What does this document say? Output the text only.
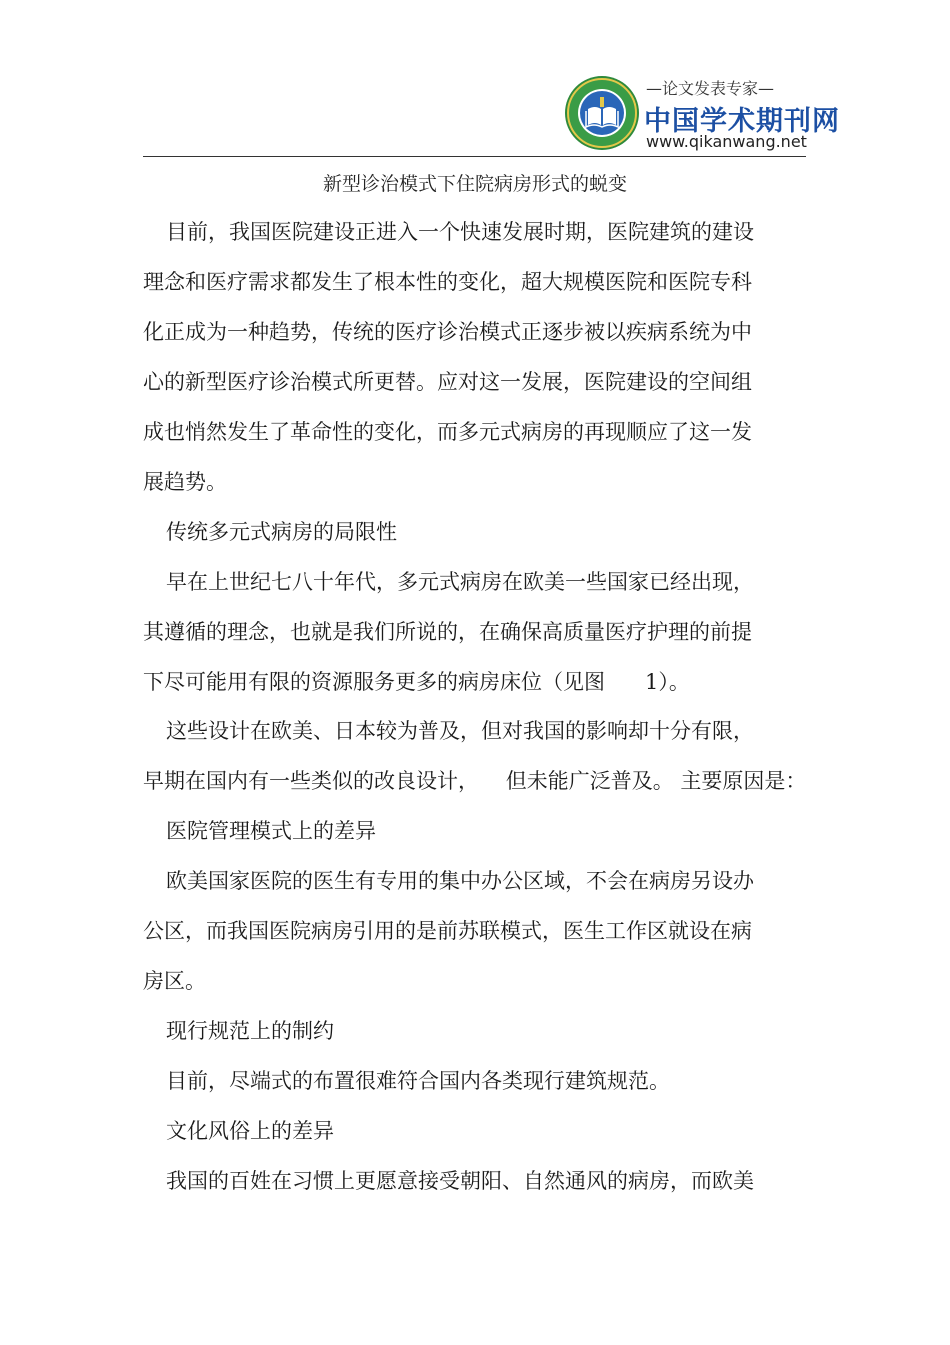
—论文发表专家—
中国学术期刊网
www.qikanwang.net
新型诊治模式下住院病房形式的蜕变
目前，我国医院建设正进入一个快速发展时期，医院建筑的建设
理念和医疗需求都发生了根本性的变化，超大规模医院和医院专科
化正成为一种趋势，传统的医疗诊治模式正逐步被以疾病系统为中
心的新型医疗诊治模式所更替。应对这一发展，医院建设的空间组
成也悄然发生了革命性的变化，而多元式病房的再现顺应了这一发
展趋势。
传统多元式病房的局限性
早在上世纪七八十年代，多元式病房在欧美一些国家已经出现，
其遵循的理念，也就是我们所说的，在确保高质量医疗护理的前提
下尽可能用有限的资源服务更多的病房床位（见图      1）。
这些设计在欧美、日本较为普及，但对我国的影响却十分有限，
早期在国内有一些类似的改良设计，    但未能广泛普及。 主要原因是：
医院管理模式上的差异
欧美国家医院的医生有专用的集中办公区域，不会在病房另设办
公区，而我国医院病房引用的是前苏联模式，医生工作区就设在病
房区。
现行规范上的制约
目前，尽端式的布置很难符合国内各类现行建筑规范。
文化风俗上的差异
我国的百姓在习惯上更愿意接受朝阳、自然通风的病房，而欧美
